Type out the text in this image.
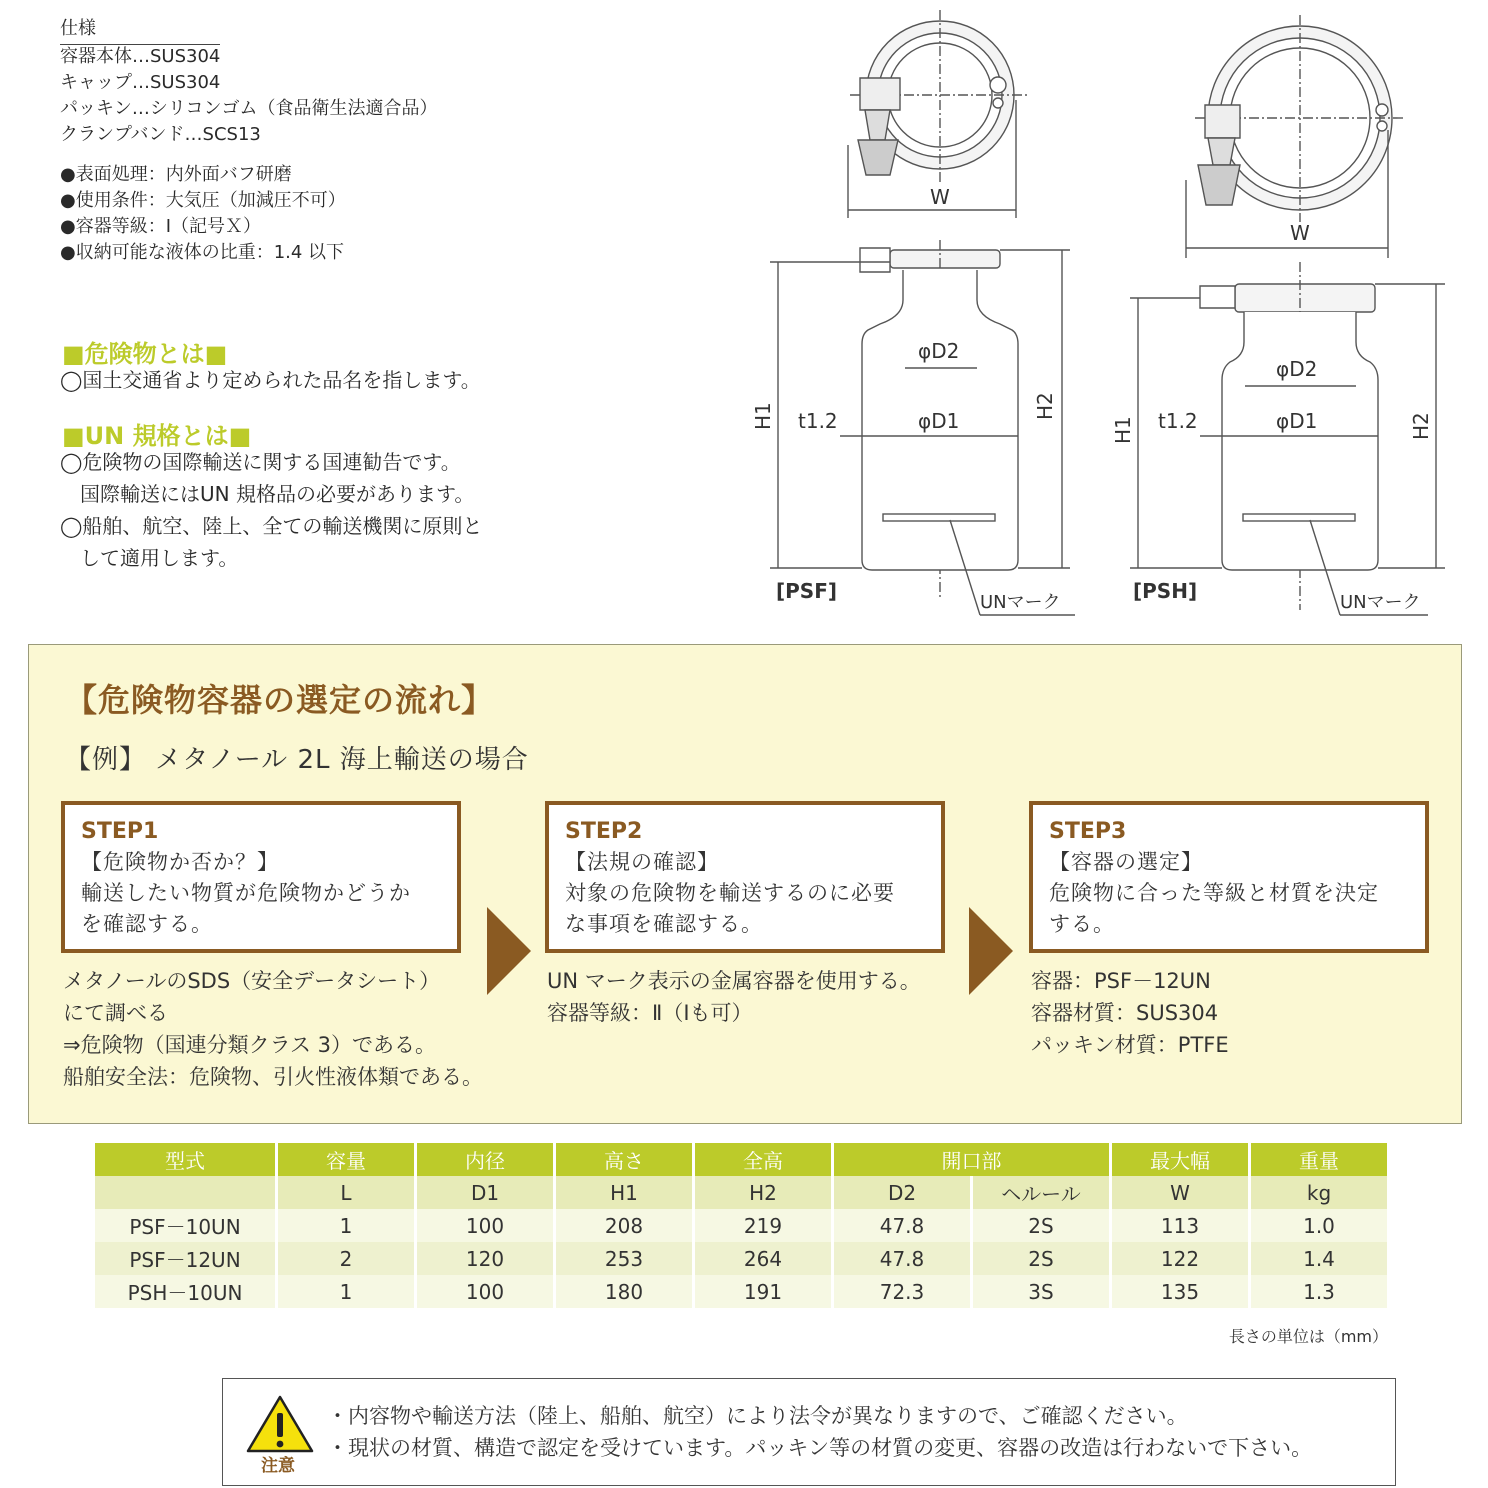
仕様
容器本体…SUS304
キャップ…SUS304
パッキン…シリコンゴム（食品衛生法適合品）
クランプバンド…SCS13
●表面処理：内外面バフ研磨
●使用条件：大気圧（加減圧不可）
●容器等級：Ⅰ（記号Ｘ）
●収納可能な液体の比重：1.4 以下
■危険物とは■
◯国土交通省より定められた品名を指します。
■UN 規格とは■
◯危険物の国際輸送に関する国連勧告です。
　国際輸送にはUN 規格品の必要があります。
◯船舶、航空、陸上、全ての輸送機関に原則と
　して適用します。
W
φD2
φD1
t1.2
H1	H2
[PSF]	UNマーク
W
φD2
φD1
t1.2
H1	H2
[PSH]	UNマーク
【危険物容器の選定の流れ】
【例】 メタノール 2L 海上輸送の場合
STEP1
【危険物か否か？】
輸送したい物質が危険物かどうか
を確認する。
STEP2
【法規の確認】
対象の危険物を輸送するのに必要
な事項を確認する。
STEP3
【容器の選定】
危険物に合った等級と材質を決定
する。
メタノールのSDS（安全データシート）
にて調べる
⇒危険物（国連分類クラス 3）である。
船舶安全法：危険物、引火性液体類である。
UN マーク表示の金属容器を使用する。
容器等級：Ⅱ（Ⅰも可）
容器：PSF－12UN
容器材質：SUS304
パッキン材質：PTFE
型式	容量	内径	高さ	全高	開口部		最大幅	重量
	L	D1	H1	H2	D2	ヘルール	W	kg
PSF－10UN	1	100	208	219	47.8	2S	113	1.0
PSF－12UN	2	120	253	264	47.8	2S	122	1.4
PSH－10UN	1	100	180	191	72.3	3S	135	1.3
長さの単位は（mm）
注意
・内容物や輸送方法（陸上、船舶、航空）により法令が異なりますので、ご確認ください。
・現状の材質、構造で認定を受けています。パッキン等の材質の変更、容器の改造は行わないで下さい。
